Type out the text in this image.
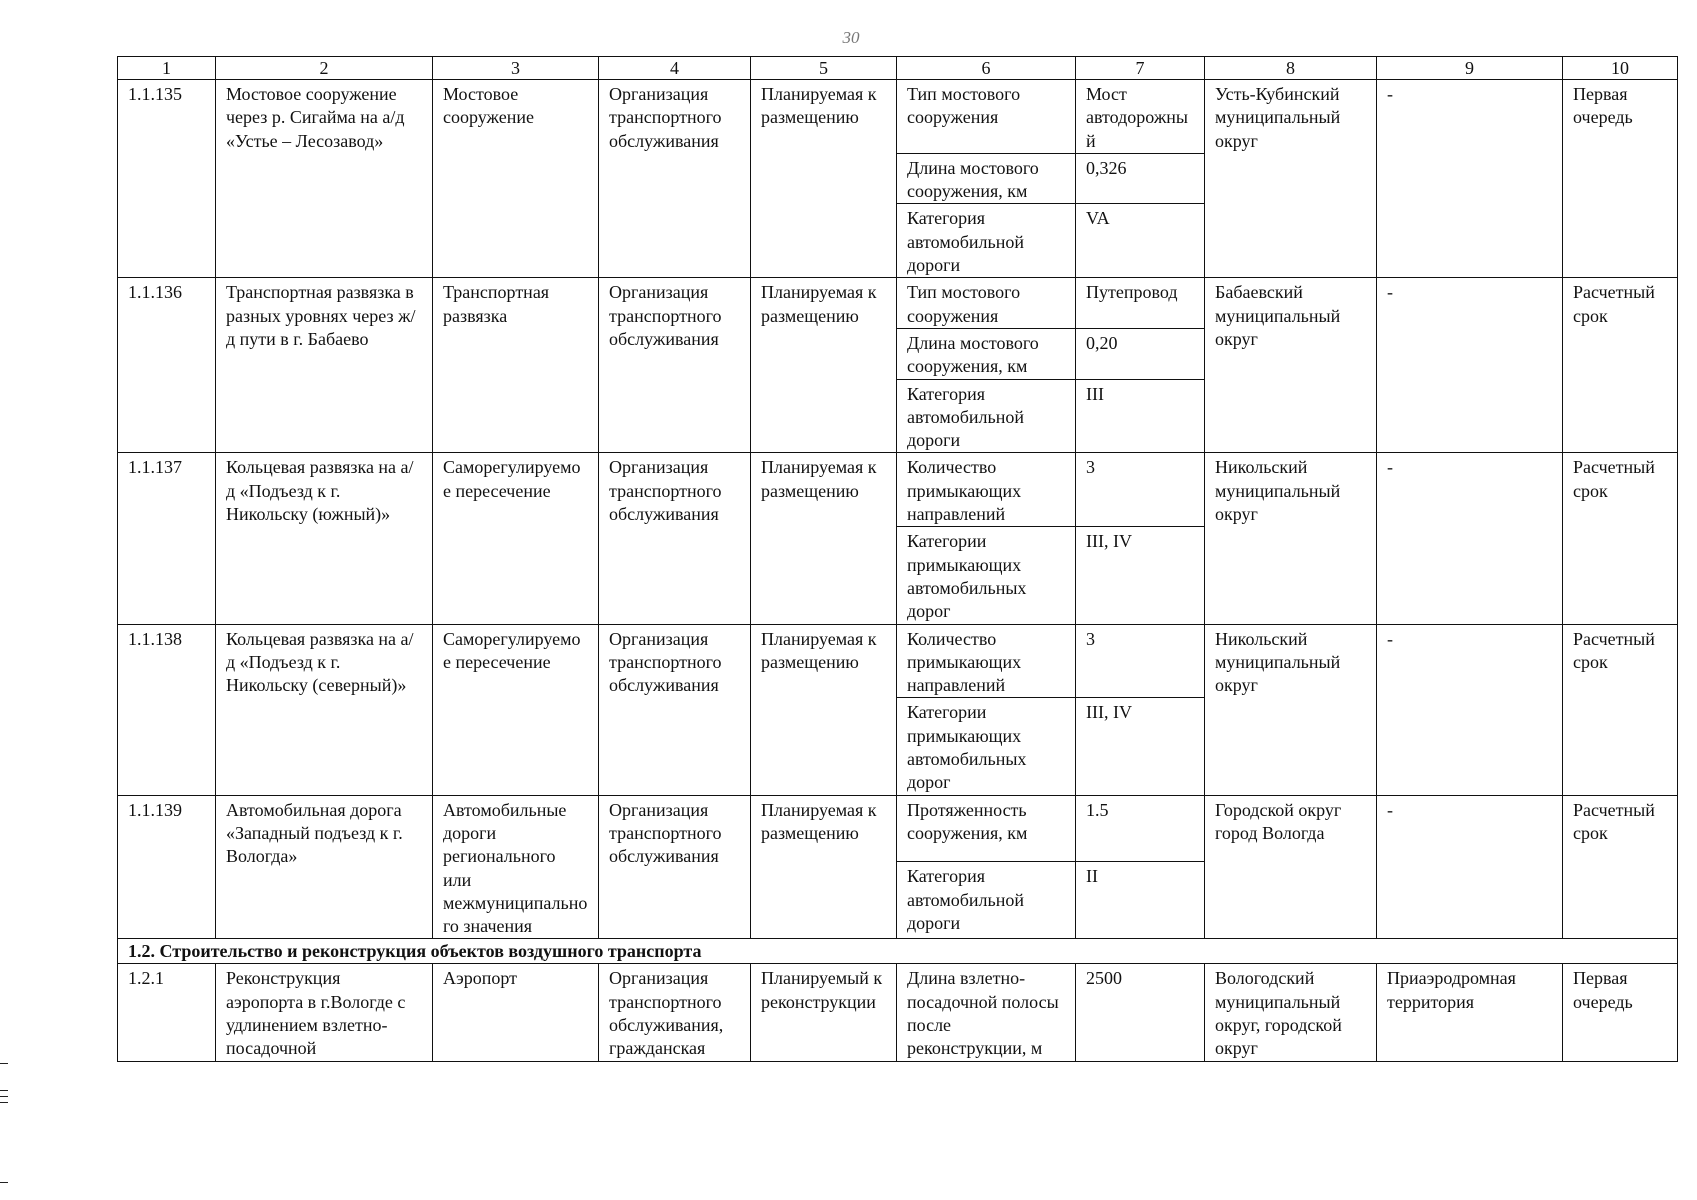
30
1	2	3	4	5	6	7	8	9	10
1.1.135	Мостовое сооружение через р. Сигайма на а/д «Устье – Лесозавод»	Мостовое сооружение	Организация транспортного обслуживания	Планируемая к размещению	Тип мостового сооружения	Мост автодорожный	Усть-Кубинский муниципальный округ	-	Первая очередь
					Длина мостового сооружения, км	0,326			
					Категория автомобильной дороги	VA			
1.1.136	Транспортная развязка в разных уровнях через ж/д пути в г. Бабаево	Транспортная развязка	Организация транспортного обслуживания	Планируемая к размещению	Тип мостового сооружения	Путепровод	Бабаевский муниципальный округ	-	Расчетный срок
					Длина мостового сооружения, км	0,20			
					Категория автомобильной дороги	III			
1.1.137	Кольцевая развязка на а/д «Подъезд к г. Никольску (южный)»	Саморегулируемое пересечение	Организация транспортного обслуживания	Планируемая к размещению	Количество примыкающих направлений	3	Никольский муниципальный округ	-	Расчетный срок
					Категории примыкающих автомобильных дорог	III, IV			
1.1.138	Кольцевая развязка на а/д «Подъезд к г. Никольску (северный)»	Саморегулируемое пересечение	Организация транспортного обслуживания	Планируемая к размещению	Количество примыкающих направлений	3	Никольский муниципальный округ	-	Расчетный срок
					Категории примыкающих автомобильных дорог	III, IV			
1.1.139	Автомобильная дорога «Западный подъезд к г. Вологда»	Автомобильные дороги регионального или межмуниципального значения	Организация транспортного обслуживания	Планируемая к размещению	Протяженность сооружения, км	1.5	Городской округ город Вологда	-	Расчетный срок
					Категория автомобильной дороги	II			
1.2. Строительство и реконструкция объектов воздушного транспорта									
1.2.1	Реконструкция аэропорта в г.Вологде с удлинением взлетно-посадочной	Аэропорт	Организация транспортного обслуживания, гражданская	Планируемый к реконструкции	Длина взлетно-посадочной полосы после реконструкции, м	2500	Вологодский муниципальный округ, городской округ	Приаэродромная территория	Первая очередь
